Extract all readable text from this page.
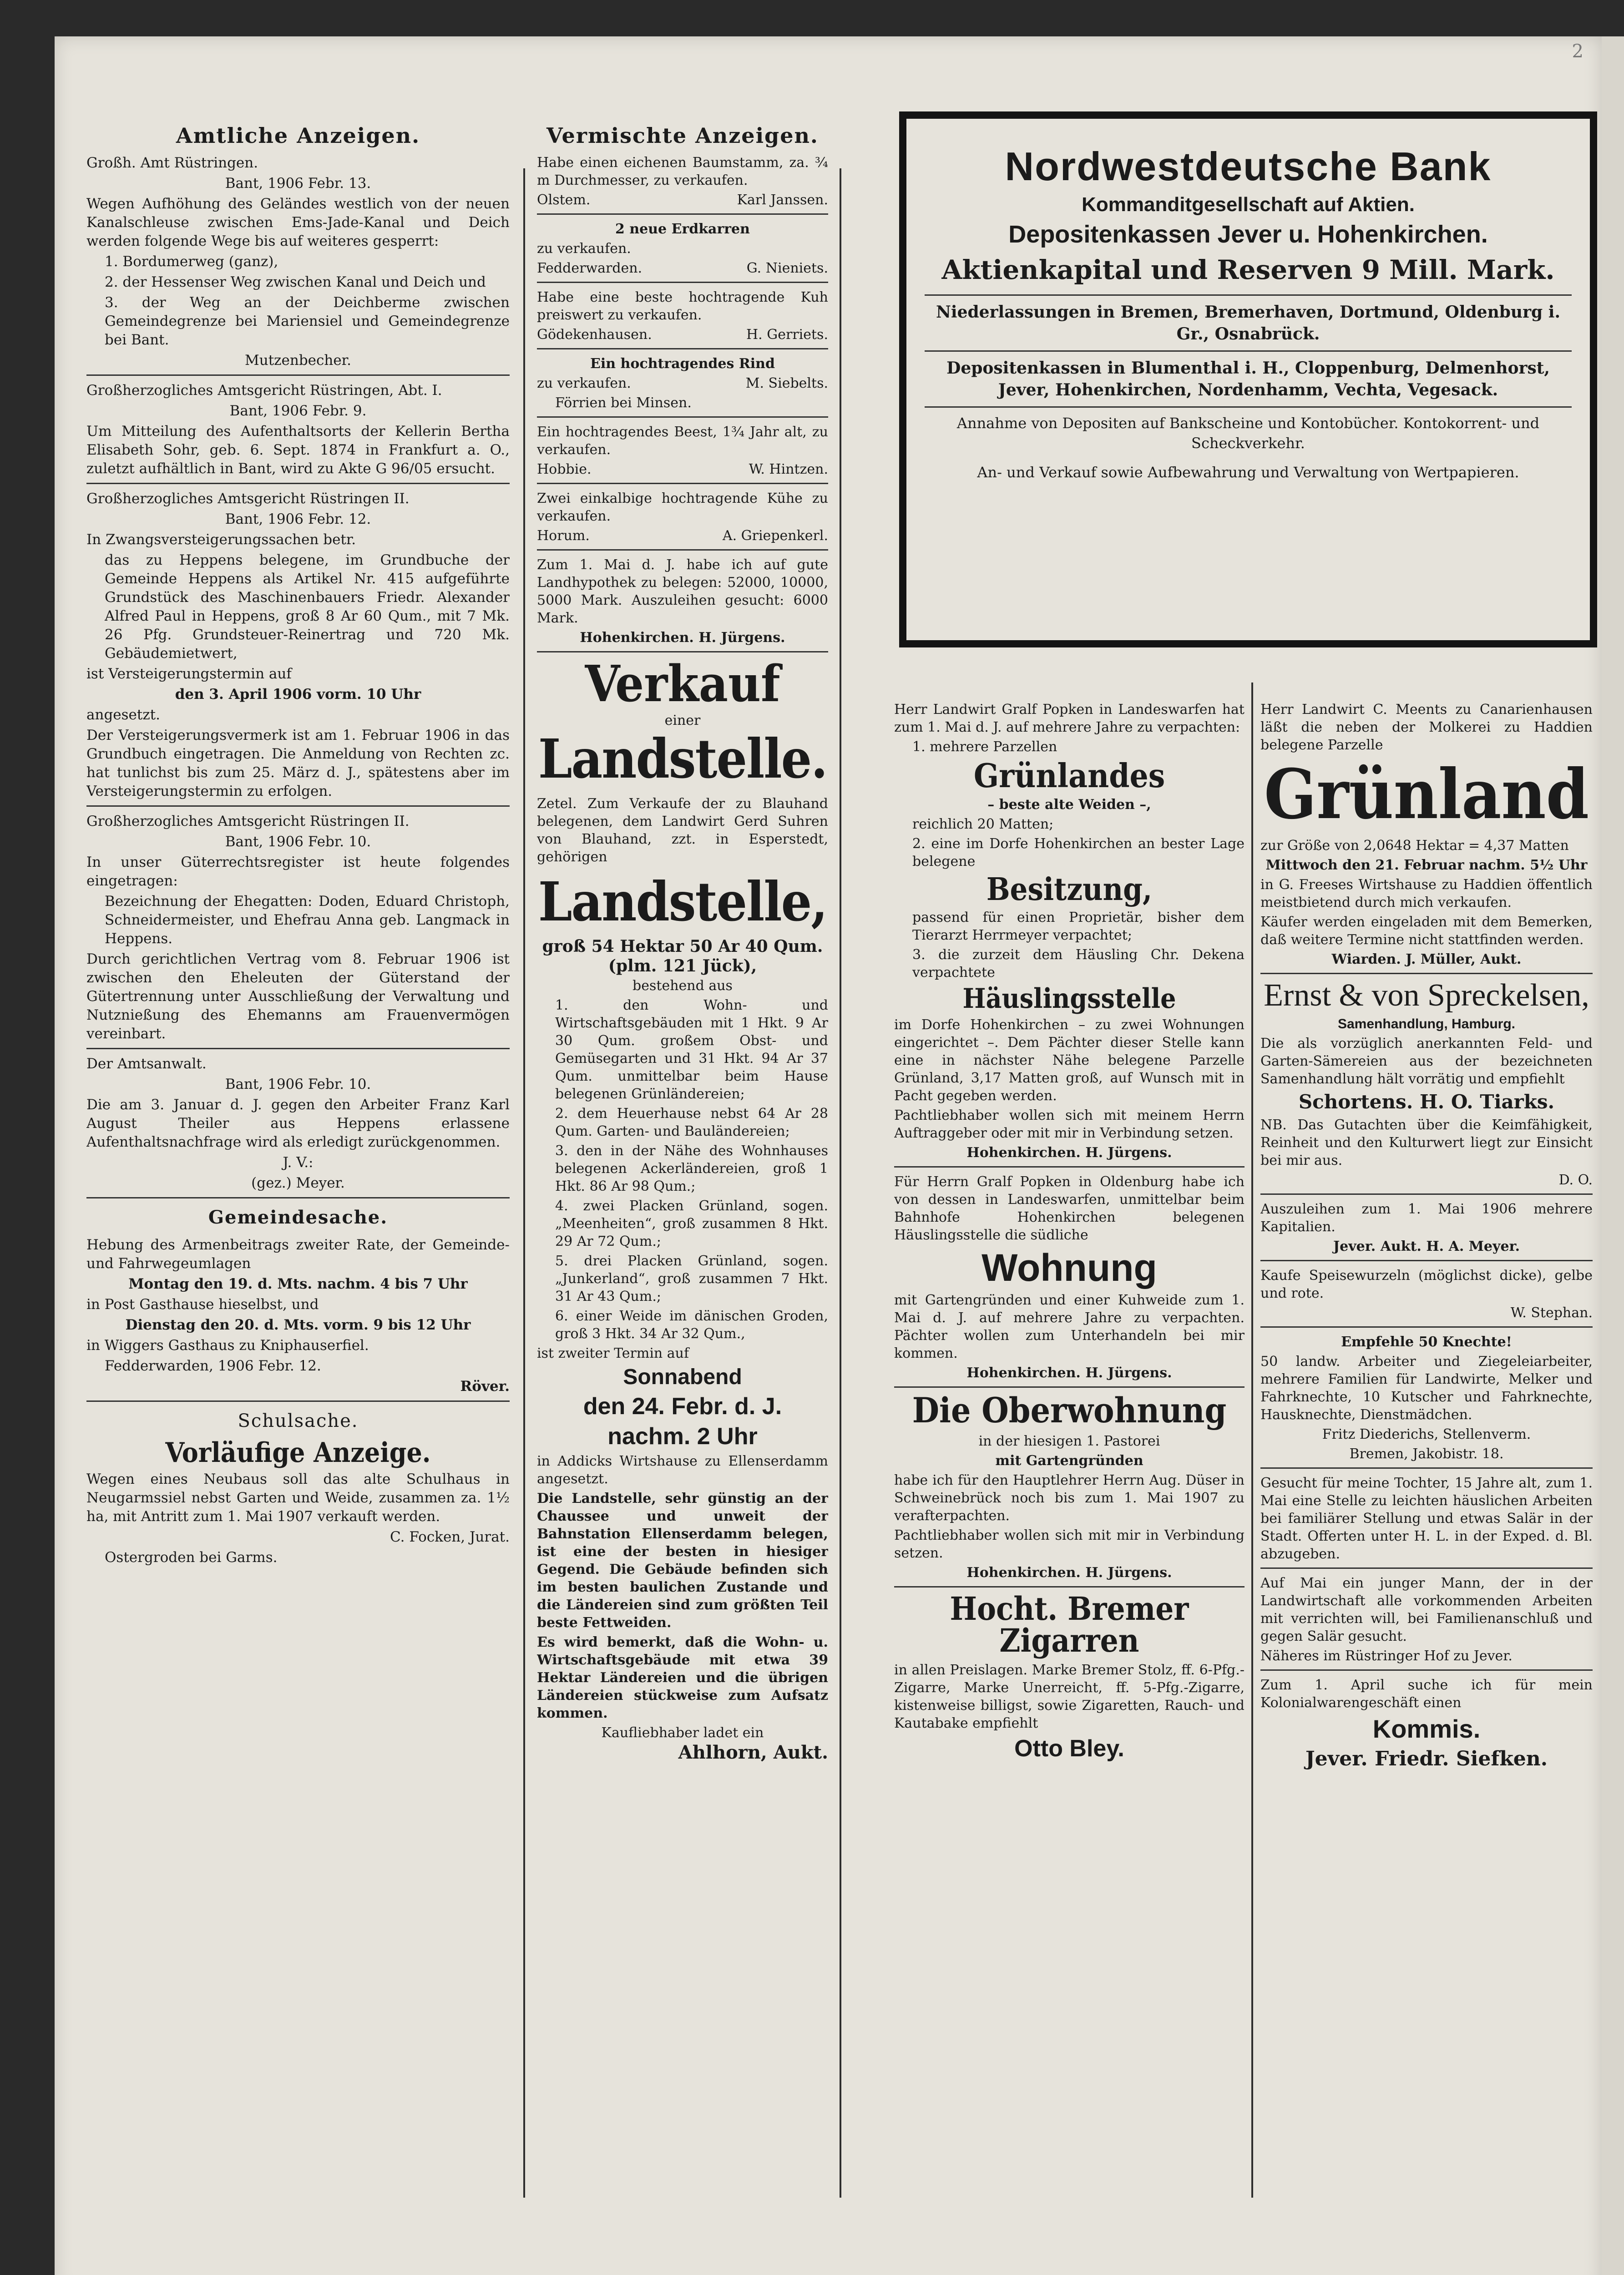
2
Amtliche Anzeigen.

Großh. Amt Rüstringen.

Bant, 1906 Febr. 13.

Wegen Aufhöhung des Geländes westlich von der neuen Kanalschleuse zwischen Ems-Jade-Kanal und Deich werden folgende Wege bis auf weiteres gesperrt:

1. Bordumerweg (ganz),

2. der Hessenser Weg zwischen Kanal und Deich und

3. der Weg an der Deichberme zwischen Gemeindegrenze bei Mariensiel und Gemeindegrenze bei Bant.

Mutzenbecher.

Großherzogliches Amtsgericht Rüstringen, Abt. I.

Bant, 1906 Febr. 9.

Um Mitteilung des Aufenthaltsorts der Kellerin Bertha Elisabeth Sohr, geb. 6. Sept. 1874 in Frankfurt a. O., zuletzt aufhältlich in Bant, wird zu Akte G 96/05 ersucht.

Großherzogliches Amtsgericht Rüstringen II.

Bant, 1906 Febr. 12.

In Zwangsversteigerungssachen betr.

das zu Heppens belegene, im Grundbuche der Gemeinde Heppens als Artikel Nr. 415 aufgeführte Grundstück des Maschinenbauers Friedr. Alexander Alfred Paul in Heppens, groß 8 Ar 60 Qum., mit 7 Mk. 26 Pfg. Grundsteuer-Reinertrag und 720 Mk. Gebäudemietwert,

ist Versteigerungstermin auf

den 3. April 1906 vorm. 10 Uhr

angesetzt.

Der Versteigerungsvermerk ist am 1. Februar 1906 in das Grundbuch eingetragen. Die Anmeldung von Rechten zc. hat tunlichst bis zum 25. März d. J., spätestens aber im Versteigerungstermin zu erfolgen.

Großherzogliches Amtsgericht Rüstringen II.

Bant, 1906 Febr. 10.

In unser Güterrechtsregister ist heute folgendes eingetragen:

Bezeichnung der Ehegatten: Doden, Eduard Christoph, Schneidermeister, und Ehefrau Anna geb. Langmack in Heppens.

Durch gerichtlichen Vertrag vom 8. Februar 1906 ist zwischen den Eheleuten der Güterstand der Gütertrennung unter Ausschließung der Verwaltung und Nutznießung des Ehemanns am Frauenvermögen vereinbart.

Der Amtsanwalt.

Bant, 1906 Febr. 10.

Die am 3. Januar d. J. gegen den Arbeiter Franz Karl August Theiler aus Heppens erlassene Aufenthaltsnachfrage wird als erledigt zurückgenommen.

J. V.:

(gez.) Meyer.

Gemeindesache.

Hebung des Armenbeitrags zweiter Rate, der Gemeinde- und Fahrwegeumlagen

Montag den 19. d. Mts. nachm. 4 bis 7 Uhr

in Post Gasthause hieselbst, und

Dienstag den 20. d. Mts. vorm. 9 bis 12 Uhr

in Wiggers Gasthaus zu Kniphauserfiel.

Fedderwarden, 1906 Febr. 12.

Röver.

Schulsache.
Vorläufige Anzeige.

Wegen eines Neubaus soll das alte Schulhaus in Neugarmssiel nebst Garten und Weide, zusammen za. 1½ ha, mit Antritt zum 1. Mai 1907 verkauft werden.

C. Focken, Jurat.

Ostergroden bei Garms.

Vermischte Anzeigen.

Habe einen eichenen Baumstamm, za. ¾ m Durchmesser, zu verkaufen.

Olstem.	Karl Janssen.

2 neue Erdkarren

zu verkaufen.

Fedderwarden.	G. Nieniets.

Habe eine beste hochtragende Kuh preiswert zu verkaufen.

Gödekenhausen.	H. Gerriets.

Ein hochtragendes Rind

zu verkaufen.	M. Siebelts.

Förrien bei Minsen.

Ein hochtragendes Beest, 1¾ Jahr alt, zu verkaufen.

Hobbie.	W. Hintzen.

Zwei einkalbige hochtragende Kühe zu verkaufen.

Horum.	A. Griepenkerl.

Zum 1. Mai d. J. habe ich auf gute Landhypothek zu belegen: 52000, 10000, 5000 Mark. Auszuleihen gesucht: 6000 Mark.

Hohenkirchen. H. Jürgens.

Verkauf

einer

Landstelle.

Zetel. Zum Verkaufe der zu Blauhand belegenen, dem Landwirt Gerd Suhren von Blauhand, zzt. in Esperstedt, gehörigen

Landstelle,

groß 54 Hektar 50 Ar 40 Qum.

(plm. 121 Jück),

bestehend aus

1. den Wohn- und Wirtschaftsgebäuden mit 1 Hkt. 9 Ar 30 Qum. großem Obst- und Gemüsegarten und 31 Hkt. 94 Ar 37 Qum. unmittelbar beim Hause belegenen Grünländereien;

2. dem Heuerhause nebst 64 Ar 28 Qum. Garten- und Bauländereien;

3. den in der Nähe des Wohnhauses belegenen Ackerländereien, groß 1 Hkt. 86 Ar 98 Qum.;

4. zwei Placken Grünland, sogen. „Meenheiten“, groß zusammen 8 Hkt. 29 Ar 72 Qum.;

5. drei Placken Grünland, sogen. „Junkerland“, groß zusammen 7 Hkt. 31 Ar 43 Qum.;

6. einer Weide im dänischen Groden, groß 3 Hkt. 34 Ar 32 Qum.,

ist zweiter Termin auf

Sonnabend

den 24. Febr. d. J.

nachm. 2 Uhr

in Addicks Wirtshause zu Ellenserdamm angesetzt.

Die Landstelle, sehr günstig an der Chaussee und unweit der Bahnstation Ellenserdamm belegen, ist eine der besten in hiesiger Gegend. Die Gebäude befinden sich im besten baulichen Zustande und die Ländereien sind zum größten Teil beste Fettweiden.

Es wird bemerkt, daß die Wohn- u. Wirtschaftsgebäude mit etwa 39 Hektar Ländereien und die übrigen Ländereien stückweise zum Aufsatz kommen.

Kaufliebhaber ladet ein

Ahlhorn, Aukt.

Nordwestdeutsche Bank
Kommanditgesellschaft auf Aktien.
Depositenkassen Jever u. Hohenkirchen.
Aktienkapital und Reserven 9 Mill. Mark.
Niederlassungen in Bremen, Bremerhaven, Dortmund, Oldenburg i. Gr., Osnabrück.
Depositenkassen in Blumenthal i. H., Cloppenburg, Delmenhorst, Jever, Hohenkirchen, Nordenhamm, Vechta, Vegesack.
Annahme von Depositen auf Bankscheine und Kontobücher. Kontokorrent- und Scheckverkehr.
An- und Verkauf sowie Aufbewahrung und Verwaltung von Wertpapieren.

Herr Landwirt Gralf Popken in Landeswarfen hat zum 1. Mai d. J. auf mehrere Jahre zu verpachten:

1. mehrere Parzellen

Grünlandes

– beste alte Weiden –,

reichlich 20 Matten;

2. eine im Dorfe Hohenkirchen an bester Lage belegene

Besitzung,

passend für einen Proprietär, bisher dem Tierarzt Herrmeyer verpachtet;

3. die zurzeit dem Häusling Chr. Dekena verpachtete

Häuslingsstelle

im Dorfe Hohenkirchen – zu zwei Wohnungen eingerichtet –. Dem Pächter dieser Stelle kann eine in nächster Nähe belegene Parzelle Grünland, 3,17 Matten groß, auf Wunsch mit in Pacht gegeben werden.

Pachtliebhaber wollen sich mit meinem Herrn Auftraggeber oder mit mir in Verbindung setzen.

Hohenkirchen. H. Jürgens.

Für Herrn Gralf Popken in Oldenburg habe ich von dessen in Landeswarfen, unmittelbar beim Bahnhofe Hohenkirchen belegenen Häuslingsstelle die südliche

Wohnung

mit Gartengründen und einer Kuhweide zum 1. Mai d. J. auf mehrere Jahre zu verpachten. Pächter wollen zum Unterhandeln bei mir kommen.

Hohenkirchen. H. Jürgens.

Die Oberwohnung

in der hiesigen 1. Pastorei

mit Gartengründen

habe ich für den Hauptlehrer Herrn Aug. Düser in Schweinebrück noch bis zum 1. Mai 1907 zu verafterpachten.

Pachtliebhaber wollen sich mit mir in Verbindung setzen.

Hohenkirchen. H. Jürgens.

Hocht. Bremer Zigarren

in allen Preislagen. Marke Bremer Stolz, ff. 6-Pfg.-Zigarre, Marke Unerreicht, ff. 5-Pfg.-Zigarre, kistenweise billigst, sowie Zigaretten, Rauch- und Kautabake empfiehlt

Otto Bley.

Herr Landwirt C. Meents zu Canarienhausen läßt die neben der Molkerei zu Haddien belegene Parzelle

Grünland

zur Größe von 2,0648 Hektar = 4,37 Matten

Mittwoch den 21. Februar nachm. 5½ Uhr

in G. Freeses Wirtshause zu Haddien öffentlich meistbietend durch mich verkaufen.

Käufer werden eingeladen mit dem Bemerken, daß weitere Termine nicht stattfinden werden.

Wiarden. J. Müller, Aukt.

Ernst & von Spreckelsen,

Samenhandlung, Hamburg.

Die als vorzüglich anerkannten Feld- und Garten-Sämereien aus der bezeichneten Samenhandlung hält vorrätig und empfiehlt

Schortens. H. O. Tiarks.

NB. Das Gutachten über die Keimfähigkeit, Reinheit und den Kulturwert liegt zur Einsicht bei mir aus.

D. O.

Auszuleihen zum 1. Mai 1906 mehrere Kapitalien.

Jever. Aukt. H. A. Meyer.

Kaufe Speisewurzeln (möglichst dicke), gelbe und rote.

W. Stephan.

Empfehle 50 Knechte!

50 landw. Arbeiter und Ziegeleiarbeiter, mehrere Familien für Landwirte, Melker und Fahrknechte, 10 Kutscher und Fahrknechte, Hausknechte, Dienstmädchen.

Fritz Diederichs, Stellenverm.

Bremen, Jakobistr. 18.

Gesucht für meine Tochter, 15 Jahre alt, zum 1. Mai eine Stelle zu leichten häuslichen Arbeiten bei familiärer Stellung und etwas Salär in der Stadt. Offerten unter H. L. in der Exped. d. Bl. abzugeben.

Auf Mai ein junger Mann, der in der Landwirtschaft alle vorkommenden Arbeiten mit verrichten will, bei Familienanschluß und gegen Salär gesucht.

Näheres im Rüstringer Hof zu Jever.

Zum 1. April suche ich für mein Kolonialwarengeschäft einen

Kommis.

Jever. Friedr. Siefken.
